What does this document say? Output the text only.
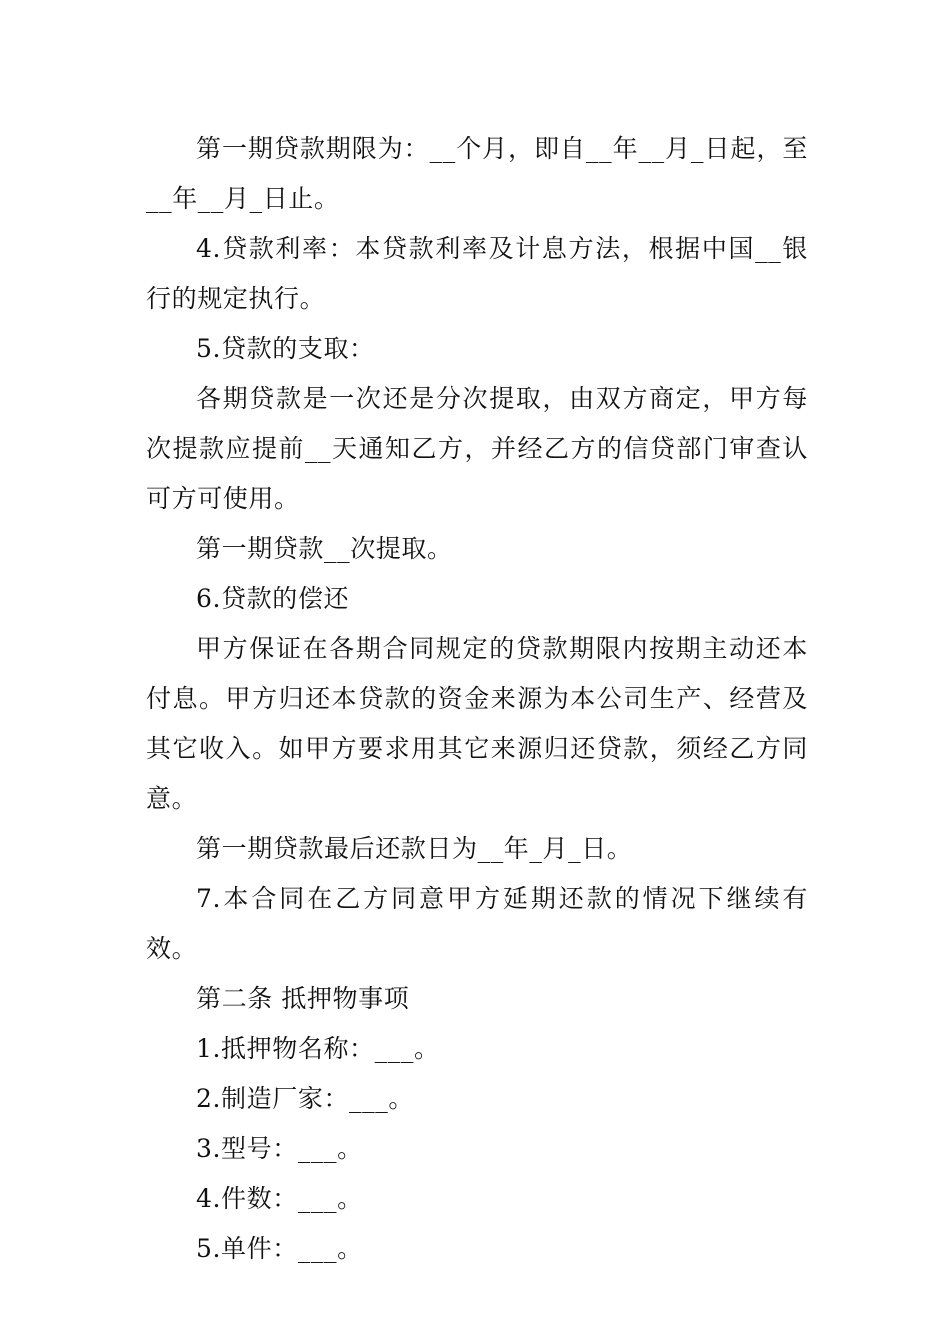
第一期贷款期限为：__个月，即自__年__月_日起，至__年__月_日止。

4.贷款利率：本贷款利率及计息方法，根据中国__银行的规定执行。

5.贷款的支取：

各期贷款是一次还是分次提取，由双方商定，甲方每次提款应提前__天通知乙方，并经乙方的信贷部门审查认可方可使用。

第一期贷款__次提取。

6.贷款的偿还

甲方保证在各期合同规定的贷款期限内按期主动还本付息。甲方归还本贷款的资金来源为本公司生产、经营及其它收入。如甲方要求用其它来源归还贷款，须经乙方同意。

第一期贷款最后还款日为__年_月_日。

7.本合同在乙方同意甲方延期还款的情况下继续有效。

第二条 抵押物事项

1.抵押物名称：___。

2.制造厂家：___。

3.型号：___。

4.件数：___。

5.单件：___。
